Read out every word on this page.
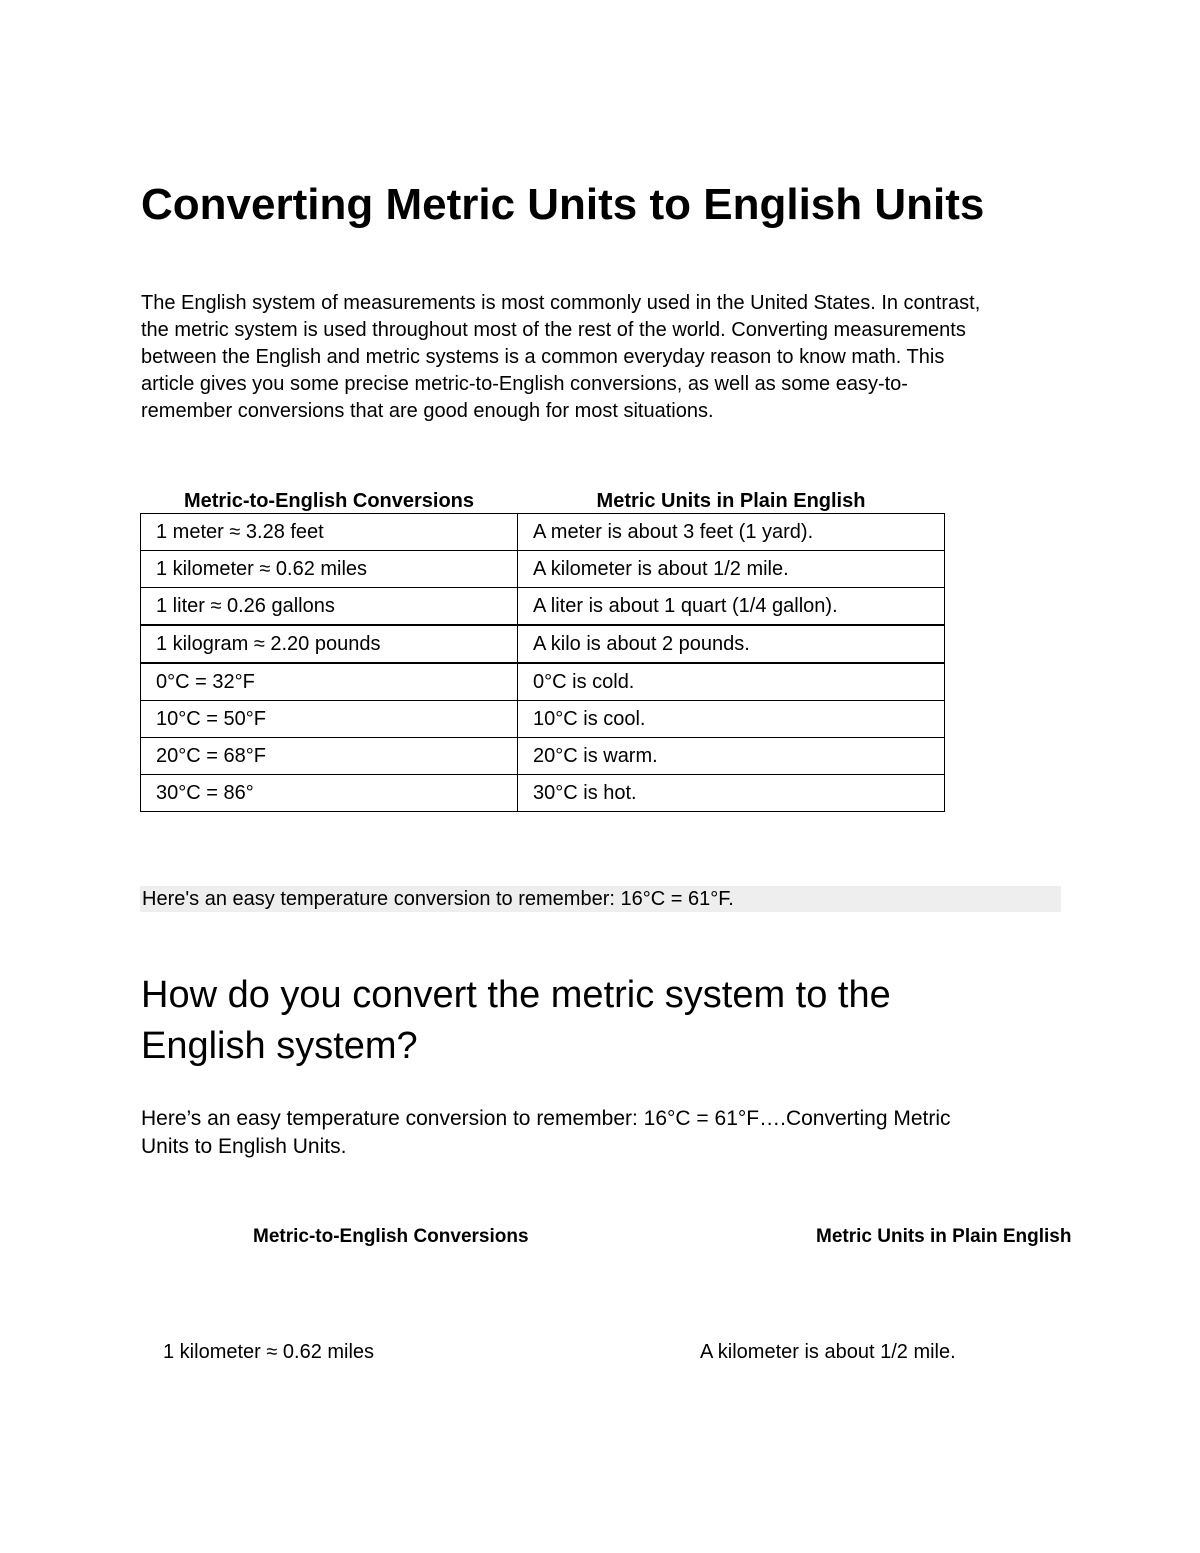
Converting Metric Units to English Units

The English system of measurements is most commonly used in the United States. In contrast,
the metric system is used throughout most of the rest of the world. Converting measurements
between the English and metric systems is a common everyday reason to know math. This
article gives you some precise metric-to-English conversions, as well as some easy-to-
remember conversions that are good enough for most situations.

Metric-to-English Conversions	Metric Units in Plain English
1 meter ≈ 3.28 feet	A meter is about 3 feet (1 yard).
1 kilometer ≈ 0.62 miles	A kilometer is about 1/2 mile.
1 liter ≈ 0.26 gallons	A liter is about 1 quart (1/4 gallon).
1 kilogram ≈ 2.20 pounds	A kilo is about 2 pounds.
0°C = 32°F	0°C is cold.
10°C = 50°F	10°C is cool.
20°C = 68°F	20°C is warm.
30°C = 86°	30°C is hot.

Here's an easy temperature conversion to remember: 16°C = 61°F.

How do you convert the metric system to the
English system?

Here’s an easy temperature conversion to remember: 16°C = 61°F….Converting Metric
Units to English Units.

Metric-to-English Conversions	Metric Units in Plain English
1 kilometer ≈ 0.62 miles	A kilometer is about 1/2 mile.
